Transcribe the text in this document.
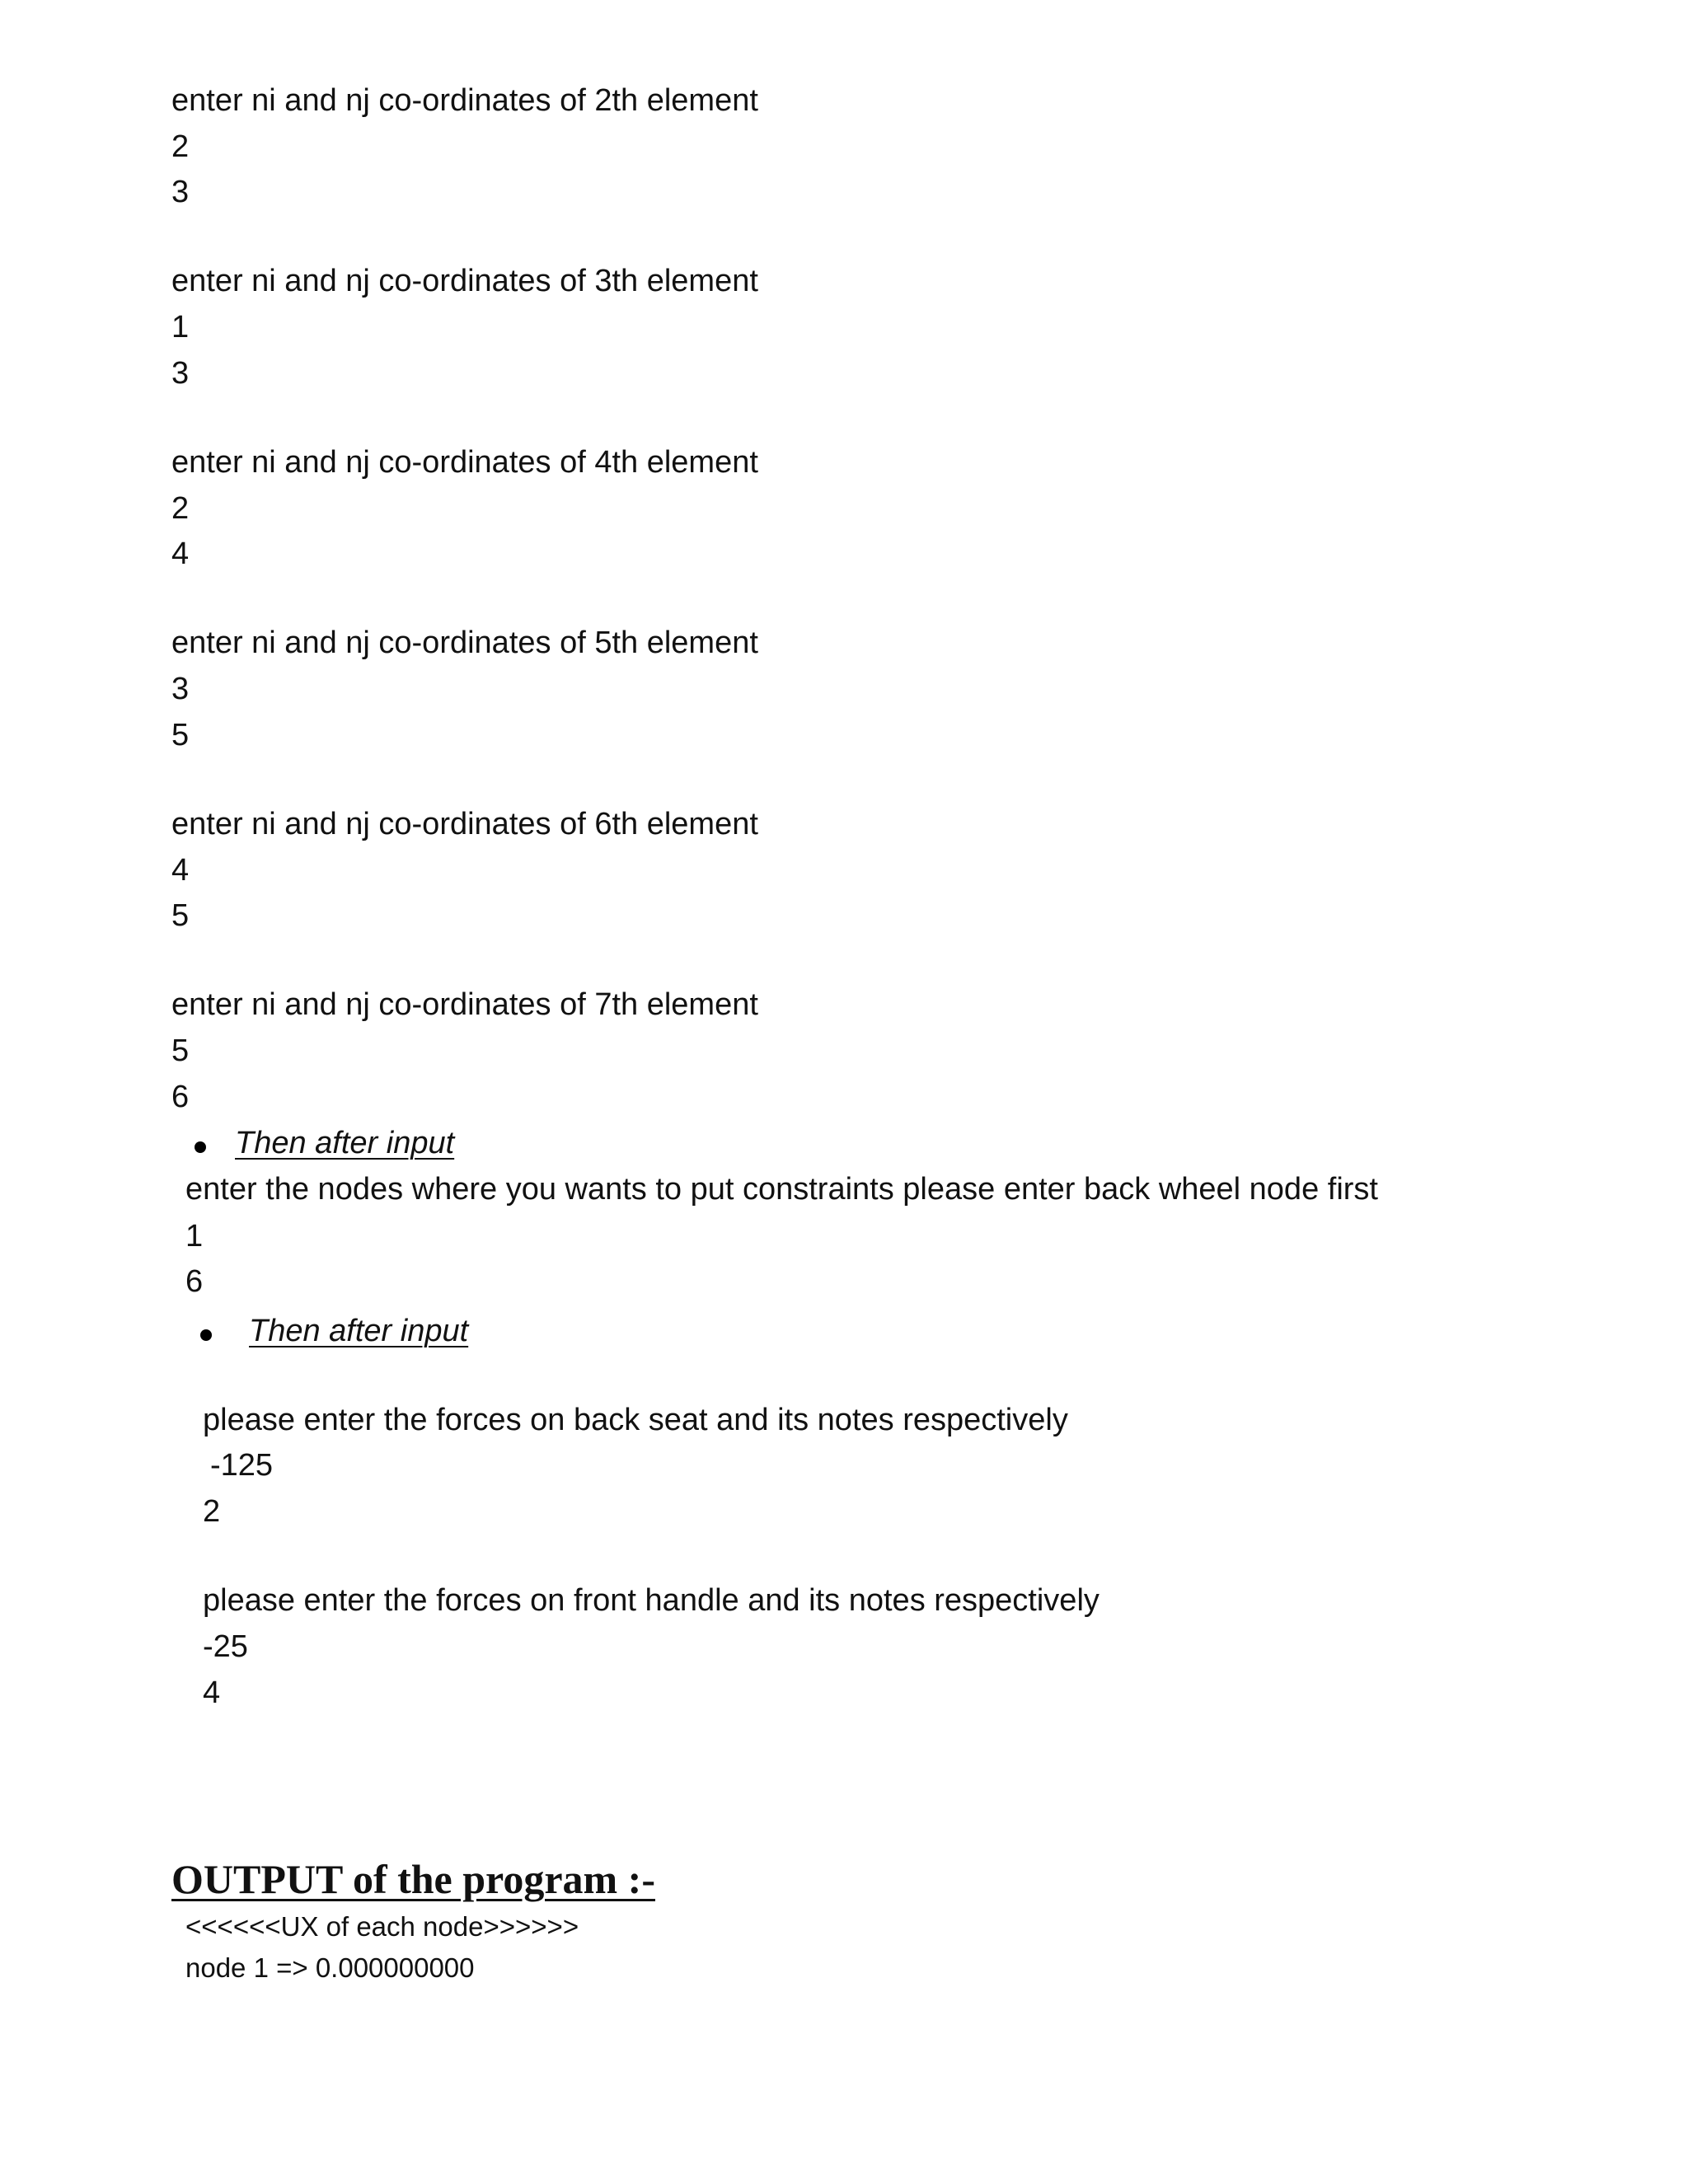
enter ni and nj co-ordinates of 2th element
2
3
enter ni and nj co-ordinates of 3th element
1
3
enter ni and nj co-ordinates of 4th element
2
4
enter ni and nj co-ordinates of 5th element
3
5
enter ni and nj co-ordinates of 6th element
4
5
enter ni and nj co-ordinates of 7th element
5
6
Then after input
enter the nodes where you wants to put constraints please enter back wheel node first
1
6
Then after input
please enter the forces on back seat and its notes respectively
-125
2
please enter the forces on front handle and its notes respectively
-25
4
OUTPUT of the program :-
<<<<<<UX of each node>>>>>>
node 1 => 0.000000000
